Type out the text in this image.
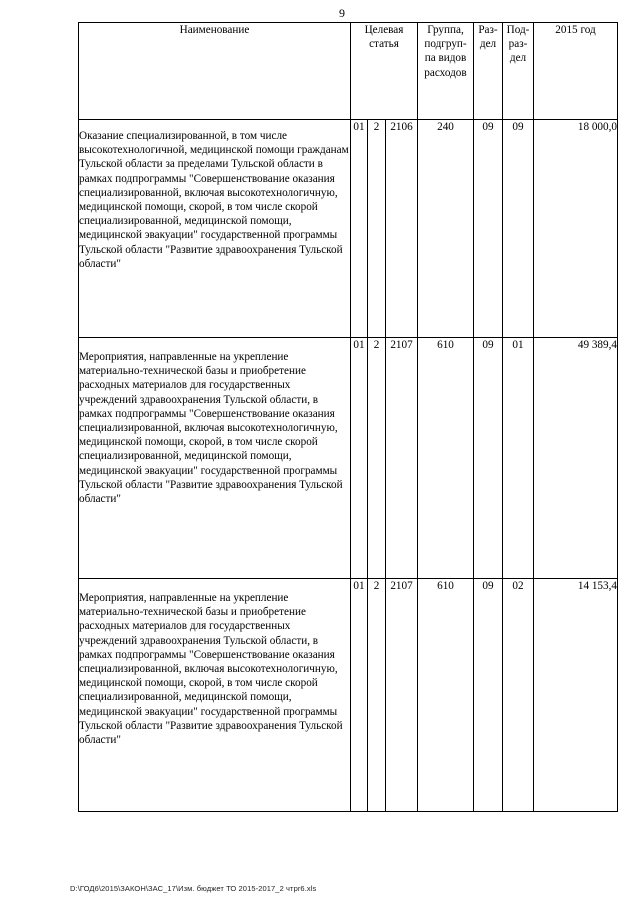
9
Наименование	Целевая статья			Группа, подгруп-па видов расходов	Раз-дел	Под-раз-дел	2015 год
Оказание специализированной, в том числе высокотехнологичной, медицинской помощи гражданам Тульской области за пределами Тульской области в рамках подпрограммы "Совершенствование оказания специализированной, включая высокотехнологичную, медицинской помощи, скорой, в том числе скорой специализированной, медицинской помощи, медицинской эвакуации" государственной программы Тульской области "Развитие здравоохранения Тульской области"	01	2	2106	240	09	09	18 000,0
Мероприятия, направленные на укрепление материально-технической базы и приобретение расходных материалов для государственных учреждений здравоохранения Тульской области, в рамках подпрограммы "Совершенствование оказания специализированной, включая высокотехнологичную, медицинской помощи, скорой, в том числе скорой специализированной, медицинской помощи, медицинской эвакуации" государственной программы Тульской области "Развитие здравоохранения Тульской области"	01	2	2107	610	09	01	49 389,4
Мероприятия, направленные на укрепление материально-технической базы и приобретение расходных материалов для государственных учреждений здравоохранения Тульской области, в рамках подпрограммы "Совершенствование оказания специализированной, включая высокотехнологичную, медицинской помощи, скорой, в том числе скорой специализированной, медицинской помощи, медицинской эвакуации" государственной программы Тульской области "Развитие здравоохранения Тульской области"	01	2	2107	610	09	02	14 153,4
D:\ГОД6\2015\ЗАКОН\ЗАС_17\Изм. бюджет ТО 2015-2017_2 чтрr6.xls
